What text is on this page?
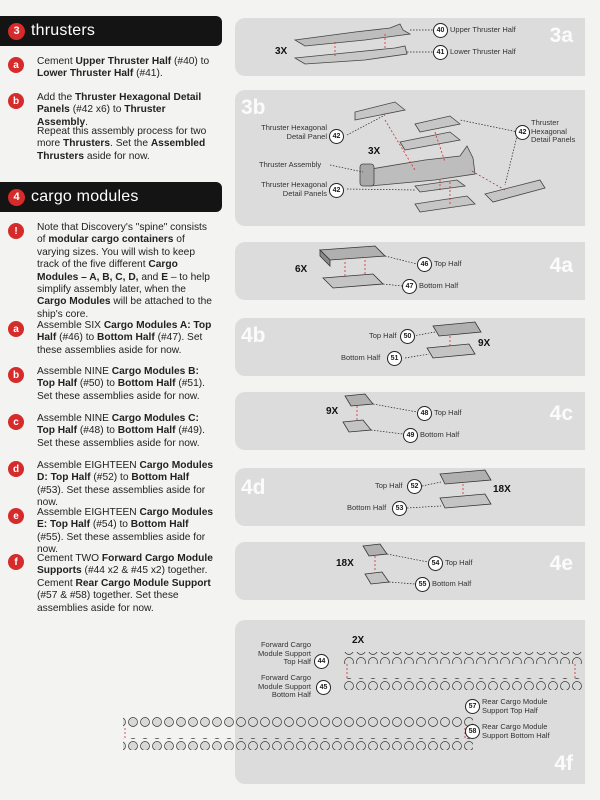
3 thrusters
a	Cement Upper Thruster Half (#40) to Lower Thruster Half (#41).
b	Add the Thruster Hexagonal Detail Panels (#42 x6) to Thruster Assembly.
Repeat this assembly process for two more Thrusters. Set the Assembled Thrusters aside for now.
4 cargo modules
!	Note that Discovery's "spine" consists of modular cargo containers of varying sizes. You will wish to keep track of the five different Cargo Modules – A, B, C, D, and E – to help simplify assembly later, when the Cargo Modules will be attached to the ship's core.
a	Assemble SIX Cargo Modules A: Top Half (#46) to Bottom Half (#47). Set these assemblies aside for now.
b	Assemble NINE Cargo Modules B: Top Half (#50) to Bottom Half (#51). Set these assemblies aside for now.
c	Assemble NINE Cargo Modules C: Top Half (#48) to Bottom Half (#49). Set these assemblies aside for now.
d	Assemble EIGHTEEN Cargo Modules D: Top Half (#52) to Bottom Half (#53). Set these assemblies aside for now.
e	Assemble EIGHTEEN Cargo Modules E: Top Half (#54) to Bottom Half (#55). Set these assemblies aside for now.
f	Cement TWO Forward Cargo Module Supports (#44 x2 & #45 x2) together. Cement Rear Cargo Module Support (#57 & #58) together. Set these assemblies aside for now.
3X
40 Upper Thruster Half
41 Lower Thruster Half
3a
3b
Thruster Hexagonal Detail Panel 42
3X
Thruster Assembly
Thruster Hexagonal Detail Panels 42
42
Thruster Hexagonal Detail Panels
6X	46 Top Half
47 Bottom Half
4a
4b	Top Half	50
9X
Bottom Half	51
9X	48 Top Half
49 Bottom Half
4c
4d	Top Half	52	18X
Bottom Half	53
18X	54 Top Half
55 Bottom Half
4e
2X
Forward Cargo Module Support Top Half 44
Forward Cargo Module Support Bottom Half
45
57
Rear Cargo Module Support Top Half
58
Rear Cargo Module Support Bottom Half
4f
